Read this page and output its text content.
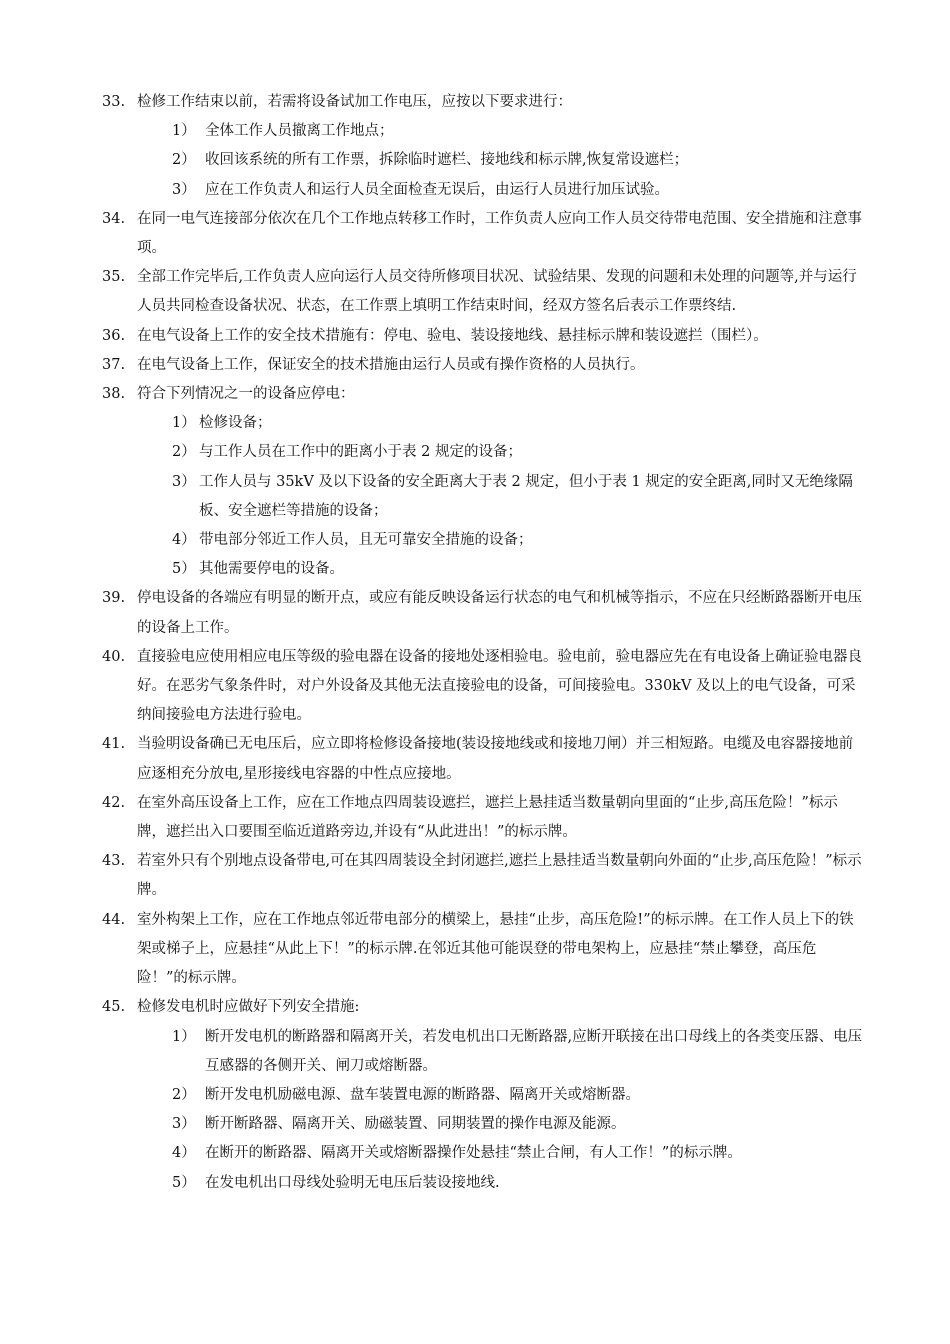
33. 检修工作结束以前，若需将设备试加工作电压，应按以下要求进行：
1） 全体工作人员撤离工作地点；
2） 收回该系统的所有工作票，拆除临时遮栏、接地线和标示牌,恢复常设遮栏；
3） 应在工作负责人和运行人员全面检查无误后，由运行人员进行加压试验。
34. 在同一电气连接部分依次在几个工作地点转移工作时，工作负责人应向工作人员交待带电范围、安全措施和注意事项。
35. 全部工作完毕后,工作负责人应向运行人员交待所修项目状况、试验结果、发现的问题和未处理的问题等,并与运行人员共同检查设备状况、状态，在工作票上填明工作结束时间，经双方签名后表示工作票终结.
36. 在电气设备上工作的安全技术措施有：停电、验电、装设接地线、悬挂标示牌和装设遮拦（围栏）。
37. 在电气设备上工作，保证安全的技术措施由运行人员或有操作资格的人员执行。
38. 符合下列情况之一的设备应停电：
1） 检修设备；
2） 与工作人员在工作中的距离小于表 2 规定的设备；
3） 工作人员与 35kV 及以下设备的安全距离大于表 2 规定，但小于表 1 规定的安全距离,同时又无绝缘隔板、安全遮栏等措施的设备；
4） 带电部分邻近工作人员，且无可靠安全措施的设备；
5） 其他需要停电的设备。
39. 停电设备的各端应有明显的断开点，或应有能反映设备运行状态的电气和机械等指示，不应在只经断路器断开电压的设备上工作。
40. 直接验电应使用相应电压等级的验电器在设备的接地处逐相验电。验电前，验电器应先在有电设备上确证验电器良好。在恶劣气象条件时，对户外设备及其他无法直接验电的设备，可间接验电。330kV 及以上的电气设备，可采纳间接验电方法进行验电。
41. 当验明设备确已无电压后，应立即将检修设备接地(装设接地线或和接地刀闸）并三相短路。电缆及电容器接地前应逐相充分放电,星形接线电容器的中性点应接地。
42. 在室外高压设备上工作，应在工作地点四周装设遮拦，遮拦上悬挂适当数量朝向里面的“止步,高压危险！”标示牌，遮拦出入口要围至临近道路旁边,并设有“从此进出！”的标示牌。
43. 若室外只有个别地点设备带电,可在其四周装设全封闭遮拦,遮拦上悬挂适当数量朝向外面的“止步,高压危险！”标示牌。
44. 室外构架上工作，应在工作地点邻近带电部分的横梁上，悬挂“止步，高压危险!”的标示牌。在工作人员上下的铁架或梯子上，应悬挂“从此上下！”的标示牌.在邻近其他可能误登的带电架构上，应悬挂“禁止攀登，高压危险！”的标示牌。
45. 检修发电机时应做好下列安全措施:
1） 断开发电机的断路器和隔离开关，若发电机出口无断路器,应断开联接在出口母线上的各类变压器、电压互感器的各侧开关、闸刀或熔断器。
2） 断开发电机励磁电源、盘车装置电源的断路器、隔离开关或熔断器。
3） 断开断路器、隔离开关、励磁装置、同期装置的操作电源及能源。
4） 在断开的断路器、隔离开关或熔断器操作处悬挂“禁止合闸，有人工作！”的标示牌。
5） 在发电机出口母线处验明无电压后装设接地线.
